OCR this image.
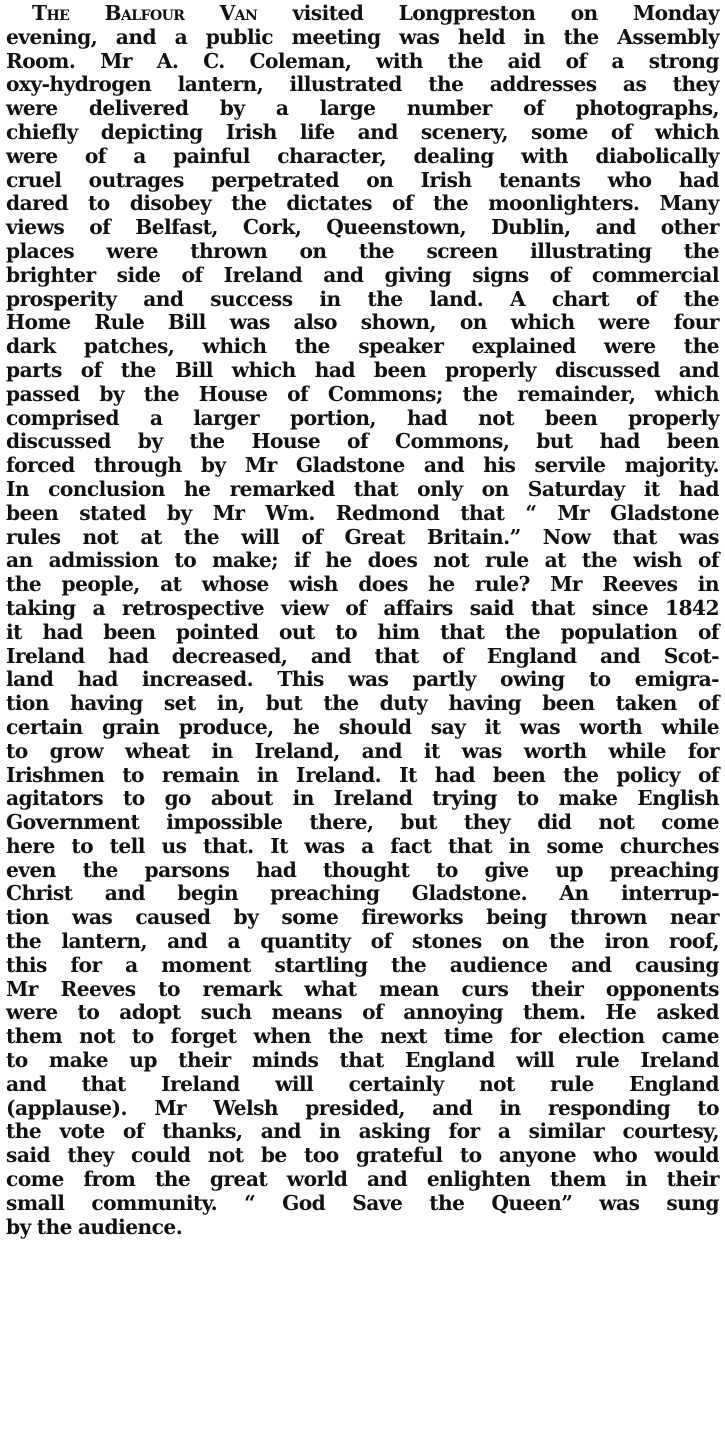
The Balfour Van visited Longpreston on Monday
evening, and a public meeting was held in the Assembly
Room. Mr A. C. Coleman, with the aid of a strong
oxy-hydrogen lantern, illustrated the addresses as they
were delivered by a large number of photographs,
chiefly depicting Irish life and scenery, some of which
were of a painful character, dealing with diabolically
cruel outrages perpetrated on Irish tenants who had
dared to disobey the dictates of the moonlighters. Many
views of Belfast, Cork, Queenstown, Dublin, and other
places were thrown on the screen illustrating the
brighter side of Ireland and giving signs of commercial
prosperity and success in the land. A chart of the
Home Rule Bill was also shown, on which were four
dark patches, which the speaker explained were the
parts of the Bill which had been properly discussed and
passed by the House of Commons; the remainder, which
comprised a larger portion, had not been properly
discussed by the House of Commons, but had been
forced through by Mr Gladstone and his servile majority.
In conclusion he remarked that only on Saturday it had
been stated by Mr Wm. Redmond that “ Mr Gladstone
rules not at the will of Great Britain.” Now that was
an admission to make; if he does not rule at the wish of
the people, at whose wish does he rule? Mr Reeves in
taking a retrospective view of affairs said that since 1842
it had been pointed out to him that the population of
Ireland had decreased, and that of England and Scot-
land had increased. This was partly owing to emigra-
tion having set in, but the duty having been taken of
certain grain produce, he should say it was worth while
to grow wheat in Ireland, and it was worth while for
Irishmen to remain in Ireland. It had been the policy of
agitators to go about in Ireland trying to make English
Government impossible there, but they did not come
here to tell us that. It was a fact that in some churches
even the parsons had thought to give up preaching
Christ and begin preaching Gladstone. An interrup-
tion was caused by some fireworks being thrown near
the lantern, and a quantity of stones on the iron roof,
this for a moment startling the audience and causing
Mr Reeves to remark what mean curs their opponents
were to adopt such means of annoying them. He asked
them not to forget when the next time for election came
to make up their minds that England will rule Ireland
and that Ireland will certainly not rule England
(applause). Mr Welsh presided, and in responding to
the vote of thanks, and in asking for a similar courtesy,
said they could not be too grateful to anyone who would
come from the great world and enlighten them in their
small community. “ God Save the Queen” was sung
by the audience.
